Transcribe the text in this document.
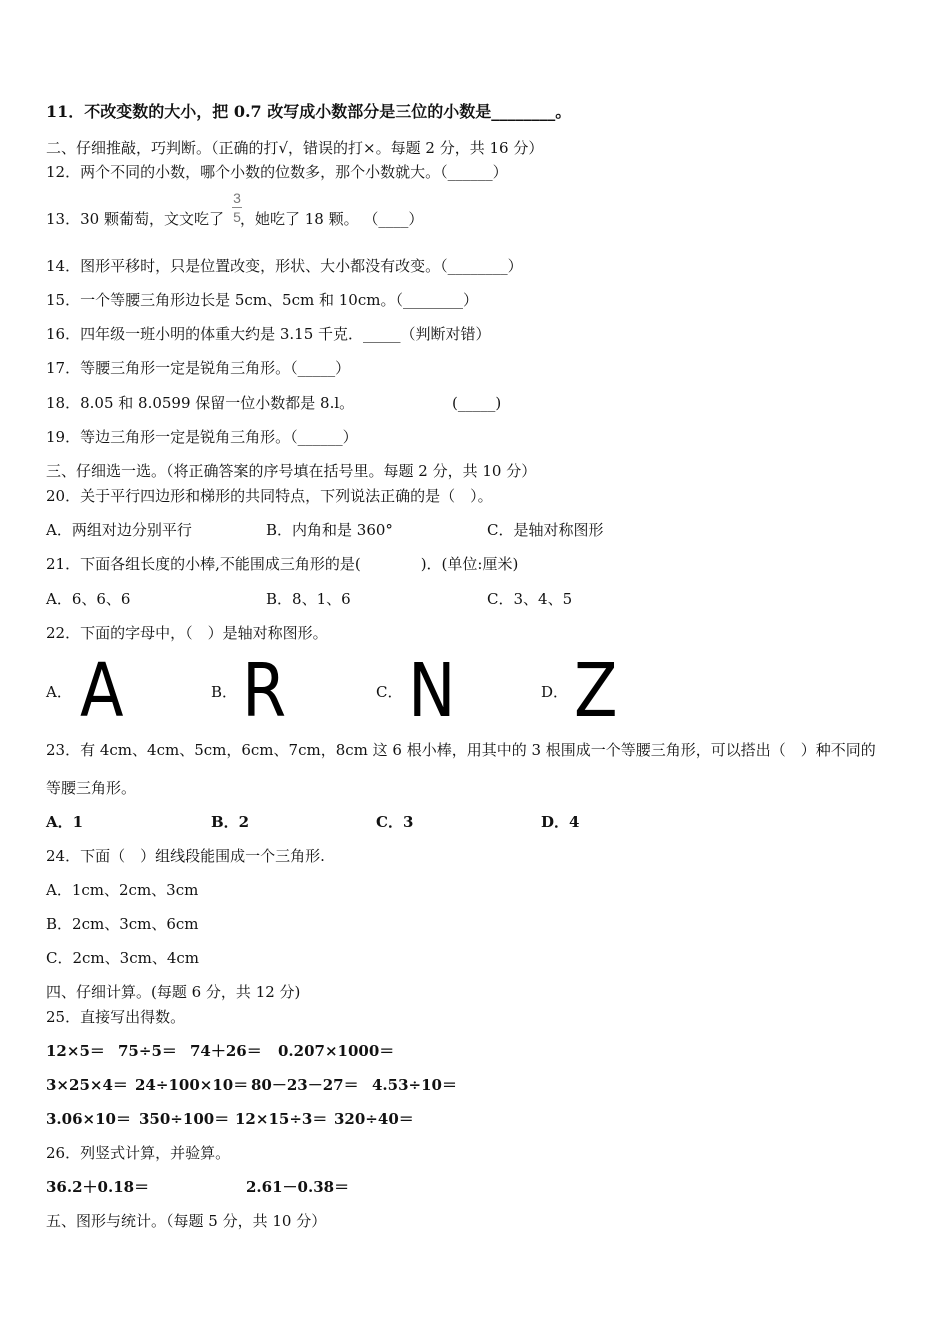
11．不改变数的大小，把 0.7 改写成小数部分是三位的小数是________。
二、仔细推敲，巧判断。（正确的打√，错误的打×。每题 2 分，共 16 分）
12．两个不同的小数，哪个小数的位数多，那个小数就大。（______）
13．30 颗葡萄，文文吃了 ，她吃了 18 颗。 （____）
3
5
14．图形平移时，只是位置改变，形状、大小都没有改变。（________）
15．一个等腰三角形边长是 5cm、5cm 和 10cm。（________）
16．四年级一班小明的体重大约是 3.15 千克．_____（判断对错）
17．等腰三角形一定是锐角三角形。（_____）
18．8.05 和 8.0599 保留一位小数都是 8.l。	(_____)
19．等边三角形一定是锐角三角形。（______）
三、仔细选一选。（将正确答案的序号填在括号里。每题 2 分，共 10 分）
20．关于平行四边形和梯形的共同特点，下列说法正确的是（　）。
A．两组对边分别平行	B．内角和是 360°	C．是轴对称图形
21．下面各组长度的小棒,不能围成三角形的是(　　　　)．(单位:厘米)
A．6、6、6	B．8、1、6	C．3、4、5
22．下面的字母中，（　）是轴对称图形。
A． A	B． R	C． N	D． Z
23．有 4cm、4cm、5cm，6cm、7cm，8cm 这 6 根小棒，用其中的 3 根围成一个等腰三角形，可以搭出（　）种不同的
等腰三角形。
A．1	B．2	C．3	D．4
24．下面（　）组线段能围成一个三角形.
A．1cm、2cm、3cm
B．2cm、3cm、6cm
C．2cm、3cm、4cm
四、仔细计算。(每题 6 分，共 12 分)
25．直接写出得数。
12×5＝ 75÷5＝ 74＋26＝ 0.207×1000＝
3×25×4＝ 24÷100×10＝ 80－23－27＝ 4.53÷10＝
3.06×10＝ 350÷100＝ 12×15÷3＝ 320÷40＝
26．列竖式计算，并验算。
36.2＋0.18＝	2.61－0.38＝
五、图形与统计。（每题 5 分，共 10 分）
